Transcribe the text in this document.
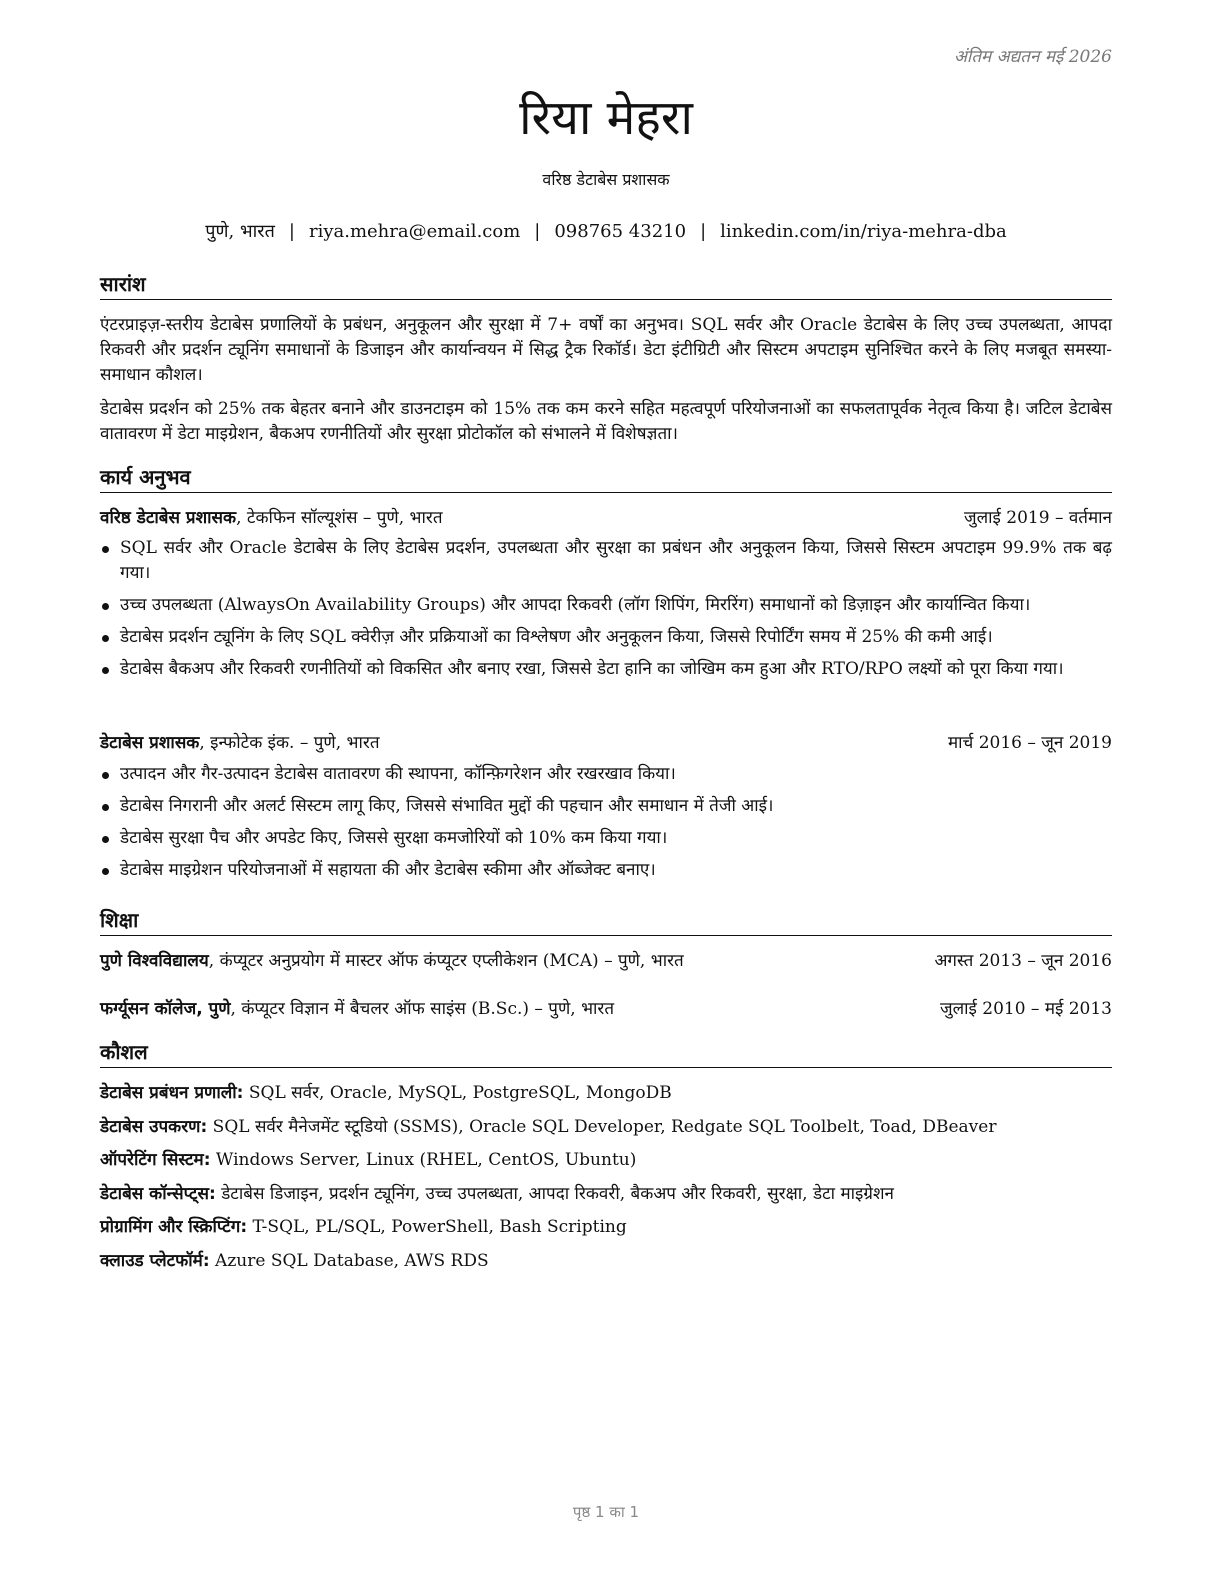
अंतिम अद्यतन मई 2026
रिया मेहरा
वरिष्ठ डेटाबेस प्रशासक
पुणे, भारत | riya.mehra@email.com | 098765 43210 | linkedin.com/in/riya-mehra-dba
सारांश
एंटरप्राइज़-स्तरीय डेटाबेस प्रणालियों के प्रबंधन, अनुकूलन और सुरक्षा में 7+ वर्षों का अनुभव। SQL सर्वर और Oracle डेटाबेस के लिए उच्च उपलब्धता, आपदा रिकवरी और प्रदर्शन ट्यूनिंग समाधानों के डिजाइन और कार्यान्वयन में सिद्ध ट्रैक रिकॉर्ड। डेटा इंटीग्रिटी और सिस्टम अपटाइम सुनिश्चित करने के लिए मजबूत समस्या-समाधान कौशल।
डेटाबेस प्रदर्शन को 25% तक बेहतर बनाने और डाउनटाइम को 15% तक कम करने सहित महत्वपूर्ण परियोजनाओं का सफलतापूर्वक नेतृत्व किया है। जटिल डेटाबेस वातावरण में डेटा माइग्रेशन, बैकअप रणनीतियों और सुरक्षा प्रोटोकॉल को संभालने में विशेषज्ञता।
कार्य अनुभव
वरिष्ठ डेटाबेस प्रशासक, टेकफिन सॉल्यूशंस – पुणे, भारत	जुलाई 2019 – वर्तमान
SQL सर्वर और Oracle डेटाबेस के लिए डेटाबेस प्रदर्शन, उपलब्धता और सुरक्षा का प्रबंधन और अनुकूलन किया, जिससे सिस्टम अपटाइम 99.9% तक बढ़ गया।
उच्च उपलब्धता (AlwaysOn Availability Groups) और आपदा रिकवरी (लॉग शिपिंग, मिररिंग) समाधानों को डिज़ाइन और कार्यान्वित किया।
डेटाबेस प्रदर्शन ट्यूनिंग के लिए SQL क्वेरीज़ और प्रक्रियाओं का विश्लेषण और अनुकूलन किया, जिससे रिपोर्टिंग समय में 25% की कमी आई।
डेटाबेस बैकअप और रिकवरी रणनीतियों को विकसित और बनाए रखा, जिससे डेटा हानि का जोखिम कम हुआ और RTO/RPO लक्ष्यों को पूरा किया गया।
डेटाबेस प्रशासक, इन्फोटेक इंक. – पुणे, भारत	मार्च 2016 – जून 2019
उत्पादन और गैर-उत्पादन डेटाबेस वातावरण की स्थापना, कॉन्फ़िगरेशन और रखरखाव किया।
डेटाबेस निगरानी और अलर्ट सिस्टम लागू किए, जिससे संभावित मुद्दों की पहचान और समाधान में तेजी आई।
डेटाबेस सुरक्षा पैच और अपडेट किए, जिससे सुरक्षा कमजोरियों को 10% कम किया गया।
डेटाबेस माइग्रेशन परियोजनाओं में सहायता की और डेटाबेस स्कीमा और ऑब्जेक्ट बनाए।
शिक्षा
पुणे विश्वविद्यालय, कंप्यूटर अनुप्रयोग में मास्टर ऑफ कंप्यूटर एप्लीकेशन (MCA) – पुणे, भारत	अगस्त 2013 – जून 2016
फर्ग्यूसन कॉलेज, पुणे, कंप्यूटर विज्ञान में बैचलर ऑफ साइंस (B.Sc.) – पुणे, भारत	जुलाई 2010 – मई 2013
कौशल
डेटाबेस प्रबंधन प्रणाली: SQL सर्वर, Oracle, MySQL, PostgreSQL, MongoDB
डेटाबेस उपकरण: SQL सर्वर मैनेजमेंट स्टूडियो (SSMS), Oracle SQL Developer, Redgate SQL Toolbelt, Toad, DBeaver
ऑपरेटिंग सिस्टम: Windows Server, Linux (RHEL, CentOS, Ubuntu)
डेटाबेस कॉन्सेप्ट्स: डेटाबेस डिजाइन, प्रदर्शन ट्यूनिंग, उच्च उपलब्धता, आपदा रिकवरी, बैकअप और रिकवरी, सुरक्षा, डेटा माइग्रेशन
प्रोग्रामिंग और स्क्रिप्टिंग: T-SQL, PL/SQL, PowerShell, Bash Scripting
क्लाउड प्लेटफॉर्म: Azure SQL Database, AWS RDS
पृष्ठ 1 का 1
